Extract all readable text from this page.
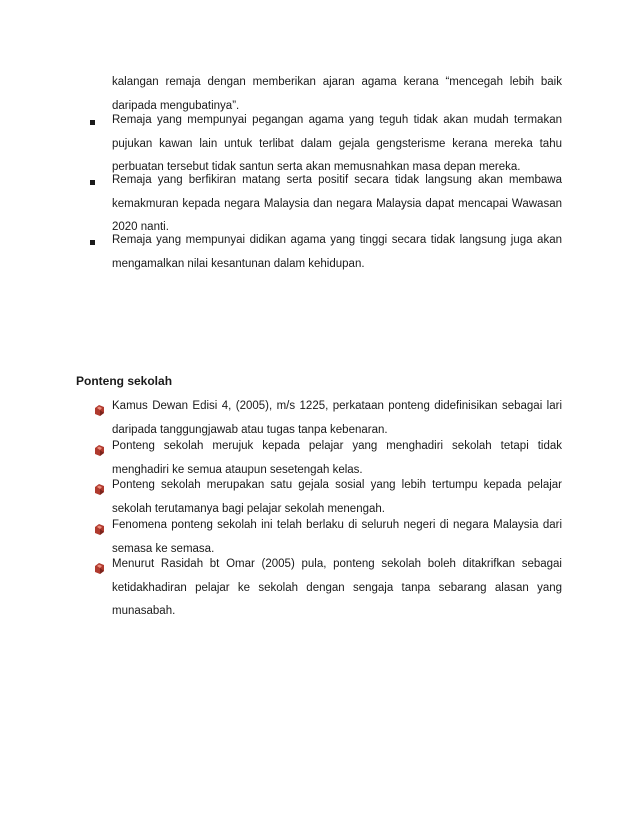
kalangan remaja dengan memberikan ajaran agama kerana “mencegah lebih baik daripada mengubatinya”.
Remaja yang mempunyai pegangan agama yang teguh tidak akan mudah termakan pujukan kawan lain untuk terlibat dalam gejala gengsterisme kerana mereka tahu perbuatan tersebut tidak santun serta akan memusnahkan masa depan mereka.
Remaja yang berfikiran matang serta positif secara tidak langsung akan membawa kemakmuran kepada negara Malaysia dan negara Malaysia dapat mencapai Wawasan 2020 nanti.
Remaja yang mempunyai didikan agama yang tinggi secara tidak langsung juga akan mengamalkan nilai kesantunan dalam kehidupan.
Ponteng sekolah
Kamus Dewan Edisi 4, (2005), m/s 1225, perkataan ponteng didefinisikan sebagai lari daripada tanggungjawab atau tugas tanpa kebenaran.
Ponteng sekolah merujuk kepada pelajar yang menghadiri sekolah tetapi tidak menghadiri ke semua ataupun sesetengah kelas.
Ponteng sekolah merupakan satu gejala sosial yang lebih tertumpu kepada pelajar sekolah terutamanya bagi pelajar sekolah menengah.
Fenomena ponteng sekolah ini telah berlaku di seluruh negeri di negara Malaysia dari semasa ke semasa.
Menurut Rasidah bt Omar (2005) pula, ponteng sekolah boleh ditakrifkan sebagai ketidakhadiran pelajar ke sekolah dengan sengaja tanpa sebarang alasan yang munasabah.
